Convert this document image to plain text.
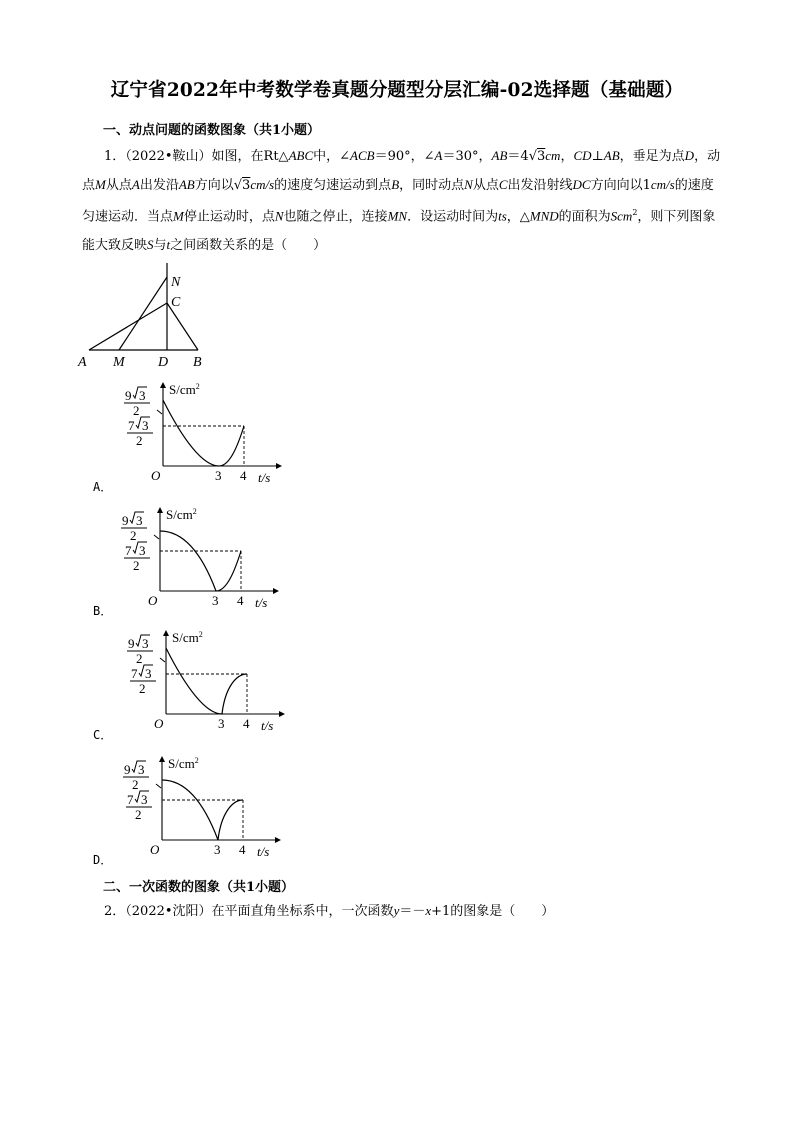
辽宁省2022年中考数学卷真题分题型分层汇编-02选择题（基础题）
一、动点问题的函数图象（共1小题）
1．（2022•鞍山）如图，在Rt△ABC中，∠ACB＝90°，∠A＝30°，AB＝4√3cm，CD⊥AB，垂足为点D，动点M从点A出发沿AB方向以√3cm/s的速度匀速运动到点B，同时动点N从点C出发沿射线DC方向向以1cm/s的速度匀速运动．当点M停止运动时，点N也随之停止，连接MN．设运动时间为ts，△MND的面积为Scm$^2$，则下列图象能大致反映S与t之间函数关系的是（　　）
A M D B
N
C
$S/cm^2$
t/s
O	3 4
9 3
2
7 3
2
A．
$S/cm^2$
t/s
O	3 4
9 3
2
7 3
2
B．
$S/cm^2$
t/s
O	3 4
9 3
2
7 3
2
C．
$S/cm^2$
t/s
O	3 4
9 3
2
7 3
2
D．
二、一次函数的图象（共1小题）
2．（2022•沈阳）在平面直角坐标系中，一次函数y＝－x+1的图象是（　　）
